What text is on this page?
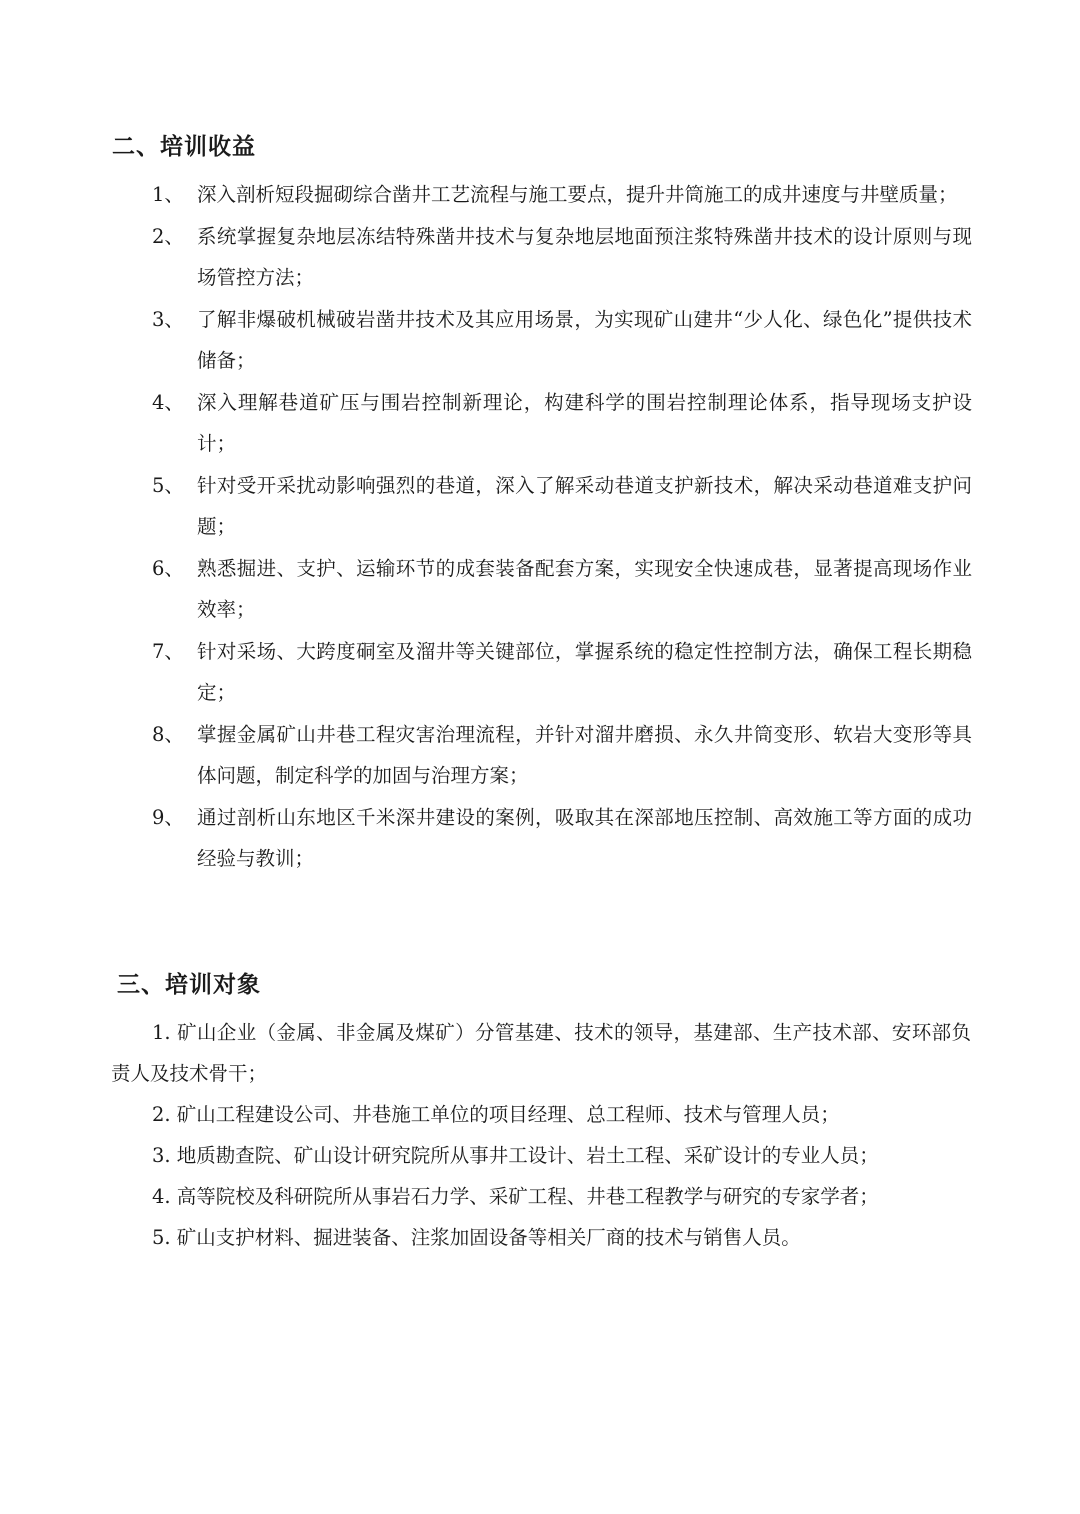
二、培训收益
1、 深入剖析短段掘砌综合凿井工艺流程与施工要点，提升井筒施工的成井速度与井壁质量；
2、 系统掌握复杂地层冻结特殊凿井技术与复杂地层地面预注浆特殊凿井技术的设计原则与现场管控方法；
3、 了解非爆破机械破岩凿井技术及其应用场景，为实现矿山建井“少人化、绿色化”提供技术储备；
4、 深入理解巷道矿压与围岩控制新理论，构建科学的围岩控制理论体系，指导现场支护设计；
5、 针对受开采扰动影响强烈的巷道，深入了解采动巷道支护新技术，解决采动巷道难支护问题；
6、 熟悉掘进、支护、运输环节的成套装备配套方案，实现安全快速成巷，显著提高现场作业效率；
7、 针对采场、大跨度硐室及溜井等关键部位，掌握系统的稳定性控制方法，确保工程长期稳定；
8、 掌握金属矿山井巷工程灾害治理流程，并针对溜井磨损、永久井筒变形、软岩大变形等具体问题，制定科学的加固与治理方案；
9、 通过剖析山东地区千米深井建设的案例，吸取其在深部地压控制、高效施工等方面的成功经验与教训；
三、培训对象
1. 矿山企业（金属、非金属及煤矿）分管基建、技术的领导，基建部、生产技术部、安环部负责人及技术骨干；
2. 矿山工程建设公司、井巷施工单位的项目经理、总工程师、技术与管理人员；
3. 地质勘查院、矿山设计研究院所从事井工设计、岩土工程、采矿设计的专业人员；
4. 高等院校及科研院所从事岩石力学、采矿工程、井巷工程教学与研究的专家学者；
5. 矿山支护材料、掘进装备、注浆加固设备等相关厂商的技术与销售人员。
